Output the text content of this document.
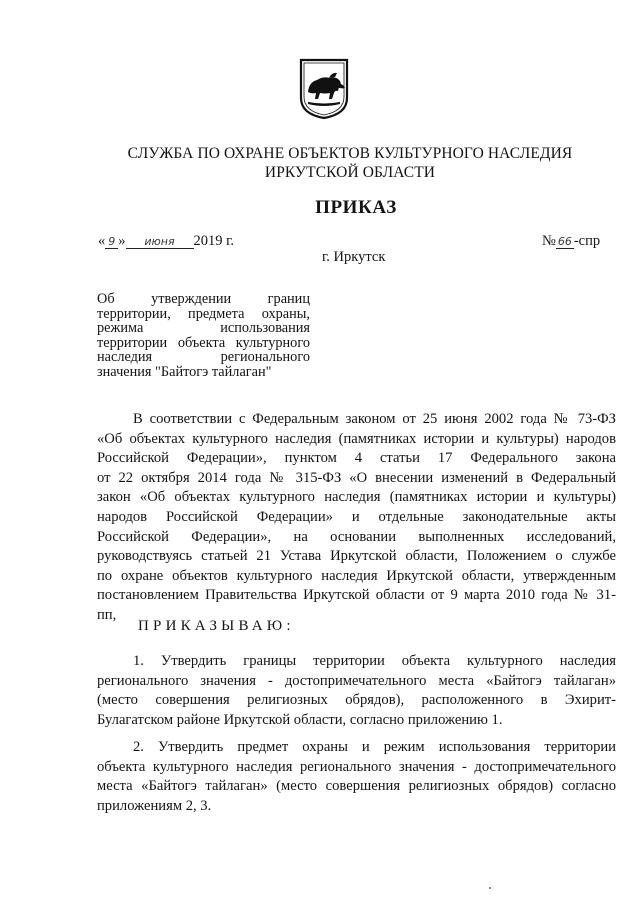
СЛУЖБА ПО ОХРАНЕ ОБЪЕКТОВ КУЛЬТУРНОГО НАСЛЕДИЯ
ИРКУТСКОЙ ОБЛАСТИ
ПРИКАЗ
« 9 » июня 2019 г.	№ 66 -спр
г. Иркутск
Об утверждении границ
территории, предмета охраны,
режима использования
территории объекта культурного
наследия регионального
значения "Байтогэ тайлаган"
В соответствии с Федеральным законом от 25 июня 2002 года № 73-ФЗ
«Об объектах культурного наследия (памятниках истории и культуры) народов
Российской Федерации», пунктом 4 статьи 17 Федерального закона
от 22 октября 2014 года № 315-ФЗ «О внесении изменений в Федеральный
закон «Об объектах культурного наследия (памятниках истории и культуры)
народов Российской Федерации» и отдельные законодательные акты
Российской Федерации», на основании выполненных исследований,
руководствуясь статьей 21 Устава Иркутской области, Положением о службе
по охране объектов культурного наследия Иркутской области, утвержденным
постановлением Правительства Иркутской области от 9 марта 2010 года № 31-
пп,
ПРИКАЗЫВАЮ:
1. Утвердить границы территории объекта культурного наследия
регионального значения - достопримечательного места «Байтогэ тайлаган»
(место совершения религиозных обрядов), расположенного в Эхирит-
Булагатском районе Иркутской области, согласно приложению 1.
2. Утвердить предмет охраны и режим использования территории
объекта культурного наследия регионального значения - достопримечательного
места «Байтогэ тайлаган» (место совершения религиозных обрядов) согласно
приложениям 2, 3.
